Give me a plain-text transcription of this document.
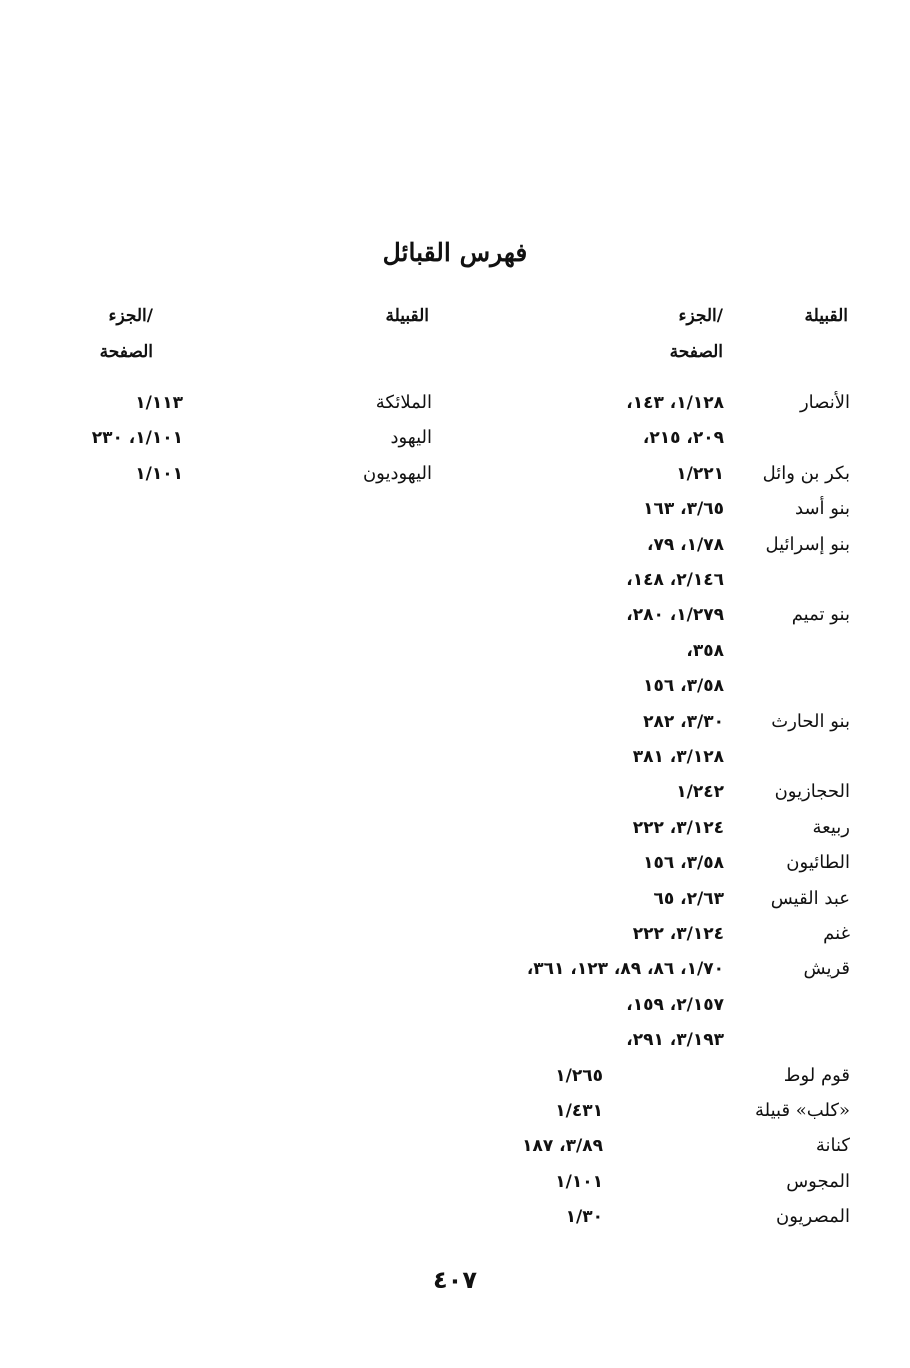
فهرس القبائل
القبيلة
الجزء/
الصفحة
القبيلة
الجزء/
الصفحة
الأنصار
١/١٢٨، ١٤٣،
٢٠٩، ٢١٥،
بكر بن وائل
١/٢٢١
بنو أسد
٣/٦٥، ١٦٣
بنو إسرائيل
١/٧٨، ٧٩،
٢/١٤٦، ١٤٨،
بنو تميم
١/٢٧٩، ٢٨٠،
٣٥٨،
٣/٥٨، ١٥٦
بنو الحارث
٣/٣٠، ٢٨٢
٣/١٢٨، ٣٨١
الحجازيون
١/٢٤٢
ربيعة
٣/١٢٤، ٢٢٢
الطائيون
٣/٥٨، ١٥٦
عبد القيس
٢/٦٣، ٦٥
غنم
٣/١٢٤، ٢٢٢
قريش
١/٧٠، ٨٦، ٨٩، ١٢٣، ٣٦١،
٢/١٥٧، ١٥٩،
٣/١٩٣، ٢٩١،
قوم لوط
١/٢٦٥
«كلب» قبيلة
١/٤٣١
كنانة
٣/٨٩، ١٨٧
المجوس
١/١٠١
المصريون
١/٣٠
الملائكة
١/١١٣
اليهود
١/١٠١، ٢٣٠
اليهوديون
١/١٠١
٤٠٧
